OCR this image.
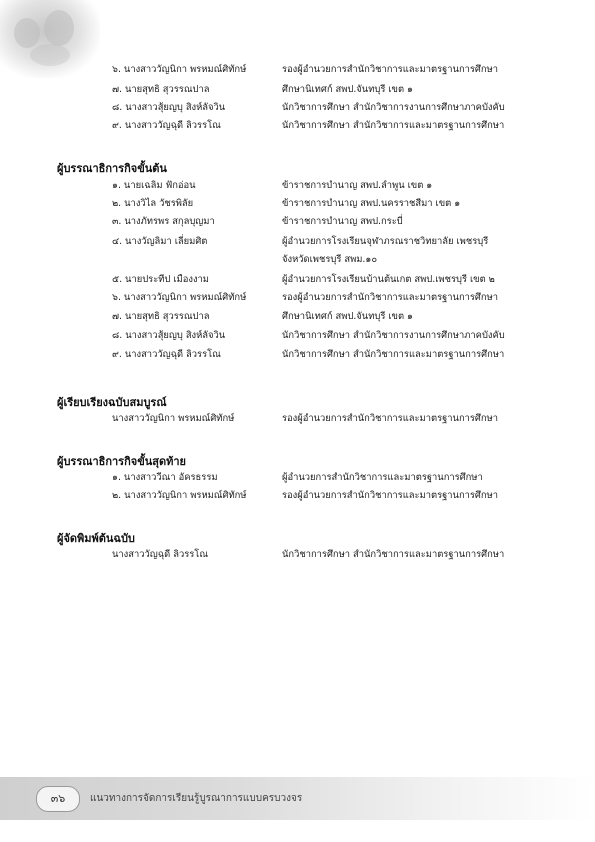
๖. นางสาววัญนิกา พรหมณ์ศิทักษ์	รองผู้อำนวยการสำนักวิชาการและมาตรฐานการศึกษา
๗. นายสุทธิ สุวรรณปาล	ศึกษานิเทศก์ สพป.จันทบุรี เขต ๑
๘. นางสาวสุ้ยญบุ สิงห์ลัจวิน	นักวิชาการศึกษา สำนักวิชาการงานการศึกษาภาคบังคับ
๙. นางสาววัญฉุดี ลิวรรโณ	นักวิชาการศึกษา สำนักวิชาการและมาตรฐานการศึกษา
ผู้บรรณาธิการกิจขั้นต้น
๑. นายเฉลิม ฟักอ่อน	ข้าราชการบำนาญ สพป.ลำพูน เขต ๑
๒. นางวิไล วัชรพิลัย	ข้าราชการบำนาญ สพป.นครราชสีมา เขต ๑
๓. นางภัทรพร สกุลบุญมา	ข้าราชการบำนาญ สพป.กระบี่
๔. นางวัญลิมา เลี่ยมศิต	ผู้อำนวยการโรงเรียนจุฬาภรณราชวิทยาลัย เพชรบุรี
จังหวัดเพชรบุรี สพม.๑๐
๕. นายประทีป เมืองงาม	ผู้อำนวยการโรงเรียนบ้านต้นเกต สพป.เพชรบุรี เขต ๒
๖. นางสาววัญนิกา พรหมณ์ศิทักษ์	รองผู้อำนวยการสำนักวิชาการและมาตรฐานการศึกษา
๗. นายสุทธิ สุวรรณปาล	ศึกษานิเทศก์ สพป.จันทบุรี เขต ๑
๘. นางสาวสุ้ยญบุ สิงห์ลัจวิน	นักวิชาการศึกษา สำนักวิชาการงานการศึกษาภาคบังคับ
๙. นางสาววัญฉุดี ลิวรรโณ	นักวิชาการศึกษา สำนักวิชาการและมาตรฐานการศึกษา
ผู้เรียบเรียงฉบับสมบูรณ์
นางสาววัญนิกา พรหมณ์ศิทักษ์	รองผู้อำนวยการสำนักวิชาการและมาตรฐานการศึกษา
ผู้บรรณาธิการกิจขั้นสุดท้าย
๑. นางสาววีณา อัครธรรม	ผู้อำนวยการสำนักวิชาการและมาตรฐานการศึกษา
๒. นางสาววัญนิกา พรหมณ์ศิทักษ์	รองผู้อำนวยการสำนักวิชาการและมาตรฐานการศึกษา
ผู้จัดพิมพ์ต้นฉบับ
นางสาววัญฉุดี ลิวรรโณ	นักวิชาการศึกษา สำนักวิชาการและมาตรฐานการศึกษา
๓๖	แนวทางการจัดการเรียนรู้บูรณาการแบบครบวงจร
